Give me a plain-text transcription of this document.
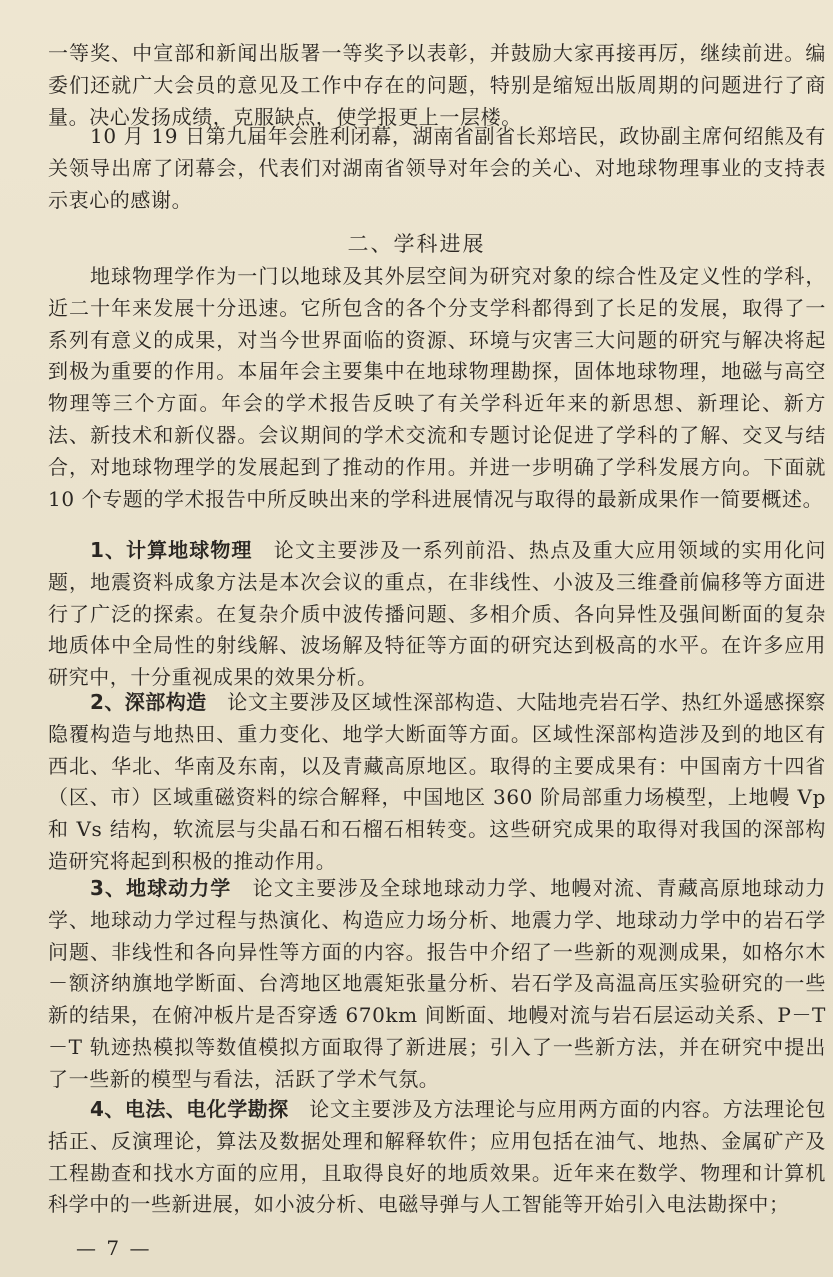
一等奖、中宣部和新闻出版署一等奖予以表彰，并鼓励大家再接再厉，继续前进。编委们还就广大会员的意见及工作中存在的问题，特别是缩短出版周期的问题进行了商量。决心发扬成绩，克服缺点，使学报更上一层楼。

10 月 19 日第九届年会胜利闭幕，湖南省副省长郑培民，政协副主席何绍熊及有关领导出席了闭幕会，代表们对湖南省领导对年会的关心、对地球物理事业的支持表示衷心的感谢。

二、学科进展

地球物理学作为一门以地球及其外层空间为研究对象的综合性及定义性的学科，近二十年来发展十分迅速。它所包含的各个分支学科都得到了长足的发展，取得了一系列有意义的成果，对当今世界面临的资源、环境与灾害三大问题的研究与解决将起到极为重要的作用。本届年会主要集中在地球物理勘探，固体地球物理，地磁与高空物理等三个方面。年会的学术报告反映了有关学科近年来的新思想、新理论、新方法、新技术和新仪器。会议期间的学术交流和专题讨论促进了学科的了解、交叉与结合，对地球物理学的发展起到了推动的作用。并进一步明确了学科发展方向。下面就 10 个专题的学术报告中所反映出来的学科进展情况与取得的最新成果作一简要概述。

1、计算地球物理　 论文主要涉及一系列前沿、热点及重大应用领域的实用化问题，地震资料成象方法是本次会议的重点，在非线性、小波及三维叠前偏移等方面进行了广泛的探索。在复杂介质中波传播问题、多相介质、各向异性及强间断面的复杂地质体中全局性的射线解、波场解及特征等方面的研究达到极高的水平。在许多应用研究中，十分重视成果的效果分析。

2、深部构造　 论文主要涉及区域性深部构造、大陆地壳岩石学、热红外遥感探察隐覆构造与地热田、重力变化、地学大断面等方面。区域性深部构造涉及到的地区有西北、华北、华南及东南，以及青藏高原地区。取得的主要成果有：中国南方十四省（区、市）区域重磁资料的综合解释，中国地区 360 阶局部重力场模型，上地幔 Vp 和 Vs 结构，软流层与尖晶石和石榴石相转变。这些研究成果的取得对我国的深部构造研究将起到积极的推动作用。

3、地球动力学　 论文主要涉及全球地球动力学、地幔对流、青藏高原地球动力学、地球动力学过程与热演化、构造应力场分析、地震力学、地球动力学中的岩石学问题、非线性和各向异性等方面的内容。报告中介绍了一些新的观测成果，如格尔木－额济纳旗地学断面、台湾地区地震矩张量分析、岩石学及高温高压实验研究的一些新的结果，在俯冲板片是否穿透 670km 间断面、地幔对流与岩石层运动关系、P－T－T 轨迹热模拟等数值模拟方面取得了新进展；引入了一些新方法，并在研究中提出了一些新的模型与看法，活跃了学术气氛。

4、电法、电化学勘探　 论文主要涉及方法理论与应用两方面的内容。方法理论包括正、反演理论，算法及数据处理和解释软件；应用包括在油气、地热、金属矿产及工程勘查和找水方面的应用，且取得良好的地质效果。近年来在数学、物理和计算机科学中的一些新进展，如小波分析、电磁导弹与人工智能等开始引入电法勘探中；

— 7 —
